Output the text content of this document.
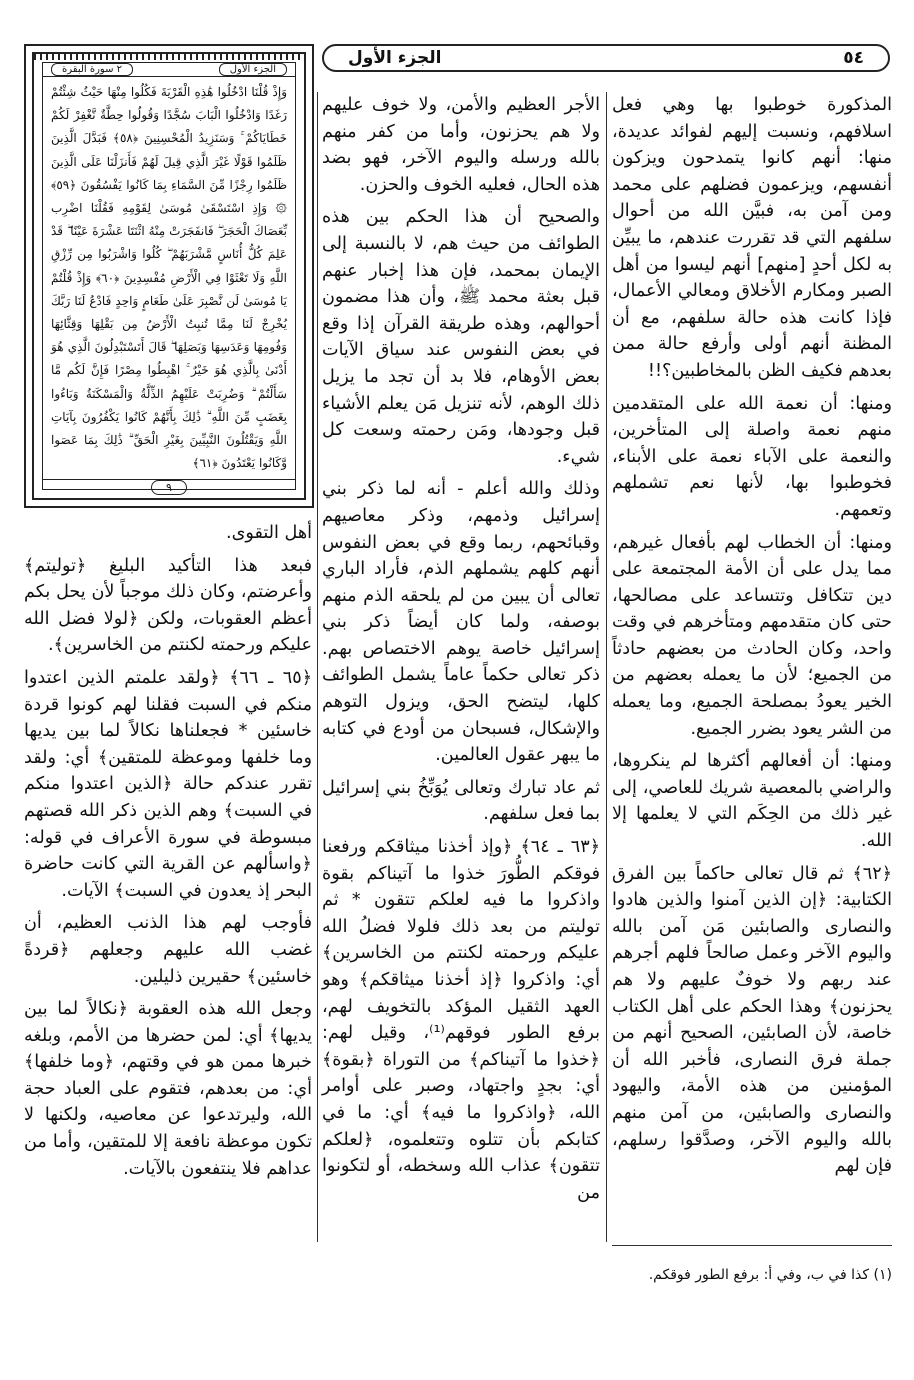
٥٤
الجزء الأول
الجزء الأول
٢ سورة البقرة
وَإِذْ قُلْنَا ادْخُلُوا هَٰذِهِ الْقَرْيَةَ فَكُلُوا مِنْهَا حَيْثُ شِئْتُمْ رَغَدًا وَادْخُلُوا الْبَابَ سُجَّدًا وَقُولُوا حِطَّةٌ نَّغْفِرْ لَكُمْ خَطَايَاكُمْ ۚ وَسَنَزِيدُ الْمُحْسِنِينَ ﴿٥٨﴾ فَبَدَّلَ الَّذِينَ ظَلَمُوا قَوْلًا غَيْرَ الَّذِي قِيلَ لَهُمْ فَأَنزَلْنَا عَلَى الَّذِينَ ظَلَمُوا رِجْزًا مِّنَ السَّمَاءِ بِمَا كَانُوا يَفْسُقُونَ ﴿٥٩﴾ ۞ وَإِذِ اسْتَسْقَىٰ مُوسَىٰ لِقَوْمِهِ فَقُلْنَا اضْرِب بِّعَصَاكَ الْحَجَرَ ۖ فَانفَجَرَتْ مِنْهُ اثْنَتَا عَشْرَةَ عَيْنًا ۖ قَدْ عَلِمَ كُلُّ أُنَاسٍ مَّشْرَبَهُمْ ۖ كُلُوا وَاشْرَبُوا مِن رِّزْقِ اللَّهِ وَلَا تَعْثَوْا فِي الْأَرْضِ مُفْسِدِينَ ﴿٦٠﴾ وَإِذْ قُلْتُمْ يَا مُوسَىٰ لَن نَّصْبِرَ عَلَىٰ طَعَامٍ وَاحِدٍ فَادْعُ لَنَا رَبَّكَ يُخْرِجْ لَنَا مِمَّا تُنبِتُ الْأَرْضُ مِن بَقْلِهَا وَقِثَّائِهَا وَفُومِهَا وَعَدَسِهَا وَبَصَلِهَا ۖ قَالَ أَتَسْتَبْدِلُونَ الَّذِي هُوَ أَدْنَىٰ بِالَّذِي هُوَ خَيْرٌ ۚ اهْبِطُوا مِصْرًا فَإِنَّ لَكُم مَّا سَأَلْتُمْ ۗ وَضُرِبَتْ عَلَيْهِمُ الذِّلَّةُ وَالْمَسْكَنَةُ وَبَاءُوا بِغَضَبٍ مِّنَ اللَّهِ ۗ ذَٰلِكَ بِأَنَّهُمْ كَانُوا يَكْفُرُونَ بِآيَاتِ اللَّهِ وَيَقْتُلُونَ النَّبِيِّينَ بِغَيْرِ الْحَقِّ ۗ ذَٰلِكَ بِمَا عَصَوا وَّكَانُوا يَعْتَدُونَ ﴿٦١﴾
٩

المذكورة خوطبوا بها وهي فعل اسلافهم، ونسبت إليهم لفوائد عديدة، منها: أنهم كانوا يتمدحون ويزكون أنفسهم، ويزعمون فضلهم على محمد ومن آمن به، فبيَّن الله من أحوال سلفهم التي قد تقررت عندهم، ما يبيِّن به لكل أحدٍ [منهم] أنهم ليسوا من أهل الصبر ومكارم الأخلاق ومعالي الأعمال، فإذا كانت هذه حالة سلفهم، مع أن المظنة أنهم أولى وأرفع حالة ممن بعدهم فكيف الظن بالمخاطبين؟!!

ومنها: أن نعمة الله على المتقدمين منهم نعمة واصلة إلى المتأخرين، والنعمة على الآباء نعمة على الأبناء، فخوطبوا بها، لأنها نعم تشملهم وتعمهم.

ومنها: أن الخطاب لهم بأفعال غيرهم، مما يدل على أن الأمة المجتمعة على دين تتكافل وتتساعد على مصالحها، حتى كان متقدمهم ومتأخرهم في وقت واحد، وكان الحادث من بعضهم حادثاً من الجميع؛ لأن ما يعمله بعضهم من الخير يعودُ بمصلحة الجميع، وما يعمله من الشر يعود بضرر الجميع.

ومنها: أن أفعالهم أكثرها لم ينكروها، والراضي بالمعصية شريك للعاصي، إلى غير ذلك من الحِكَم التي لا يعلمها إلا الله.

﴿٦٢﴾ ثم قال تعالى حاكماً بين الفرق الكتابية: ﴿إن الذين آمنوا والذين هادوا والنصارى والصابئين مَن آمن بالله واليوم الآخر وعمل صالحاً فلهم أجرهم عند ربهم ولا خوفٌ عليهم ولا هم يحزنون﴾ وهذا الحكم على أهل الكتاب خاصة، لأن الصابئين، الصحيح أنهم من جملة فرق النصارى، فأخبر الله أن المؤمنين من هذه الأمة، واليهود والنصارى والصابئين، من آمن منهم بالله واليوم الآخر، وصدَّقوا رسلهم، فإن لهم

الأجر العظيم والأمن، ولا خوف عليهم ولا هم يحزنون، وأما من كفر منهم بالله ورسله واليوم الآخر، فهو بضد هذه الحال، فعليه الخوف والحزن.

والصحيح أن هذا الحكم بين هذه الطوائف من حيث هم، لا بالنسبة إلى الإيمان بمحمد، فإن هذا إخبار عنهم قبل بعثة محمد ﷺ، وأن هذا مضمون أحوالهم، وهذه طريقة القرآن إذا وقع في بعض النفوس عند سياق الآيات بعض الأوهام، فلا بد أن تجد ما يزيل ذلك الوهم، لأنه تنزيل مَن يعلم الأشياء قبل وجودها، ومَن رحمته وسعت كل شيء.

وذلك والله أعلم - أنه لما ذكر بني إسرائيل وذمهم، وذكر معاصيهم وقبائحهم، ربما وقع في بعض النفوس أنهم كلهم يشملهم الذم، فأراد الباري تعالى أن يبين من لم يلحقه الذم منهم بوصفه، ولما كان أيضاً ذكر بني إسرائيل خاصة يوهم الاختصاص بهم. ذكر تعالى حكماً عاماً يشمل الطوائف كلها، ليتضح الحق، ويزول التوهم والإشكال، فسبحان من أودع في كتابه ما يبهر عقول العالمين.

ثم عاد تبارك وتعالى يُوَبِّخُ بني إسرائيل بما فعل سلفهم.

﴿٦٣ ـ ٦٤﴾ ﴿وإذ أخذنا ميثاقكم ورفعنا فوقكم الطُّورَ خذوا ما آتيناكم بقوة واذكروا ما فيه لعلكم تتقون * ثم توليتم من بعد ذلك فلولا فضلُ الله عليكم ورحمته لكنتم من الخاسرين﴾ أي: واذكروا ﴿إذ أخذنا ميثاقكم﴾ وهو العهد الثقيل المؤكد بالتخويف لهم، برفع الطور فوقهم⁽¹⁾، وقيل لهم: ﴿خذوا ما آتيناكم﴾ من التوراة ﴿بقوة﴾ أي: بجدٍ واجتهاد، وصبر على أوامر الله، ﴿واذكروا ما فيه﴾ أي: ما في كتابكم بأن تتلوه وتتعلموه، ﴿لعلكم تتقون﴾ عذاب الله وسخطه، أو لتكونوا من

أهل التقوى.

فبعد هذا التأكيد البليغ ﴿توليتم﴾ وأعرضتم، وكان ذلك موجباً لأن يحل بكم أعظم العقوبات، ولكن ﴿لولا فضل الله عليكم ورحمته لكنتم من الخاسرين﴾.

﴿٦٥ ـ ٦٦﴾ ﴿ولقد علمتم الذين اعتدوا منكم في السبت فقلنا لهم كونوا قردة خاسئين * فجعلناها نكالاً لما بين يديها وما خلفها وموعظة للمتقين﴾ أي: ولقد تقرر عندكم حالة ﴿الذين اعتدوا منكم في السبت﴾ وهم الذين ذكر الله قصتهم مبسوطة في سورة الأعراف في قوله: ﴿واسألهم عن القرية التي كانت حاضرة البحر إذ يعدون في السبت﴾ الآيات.

فأوجب لهم هذا الذنب العظيم، أن غضب الله عليهم وجعلهم ﴿قردةً خاسئين﴾ حقيرين ذليلين.

وجعل الله هذه العقوبة ﴿نكالاً لما بين يديها﴾ أي: لمن حضرها من الأمم، وبلغه خبرها ممن هو في وقتهم، ﴿وما خلفها﴾ أي: من بعدهم، فتقوم على العباد حجة الله، وليرتدعوا عن معاصيه، ولكنها لا تكون موعظة نافعة إلا للمتقين، وأما من عداهم فلا ينتفعون بالآيات.

(١) كذا في ب، وفي أ: برفع الطور فوقكم.
